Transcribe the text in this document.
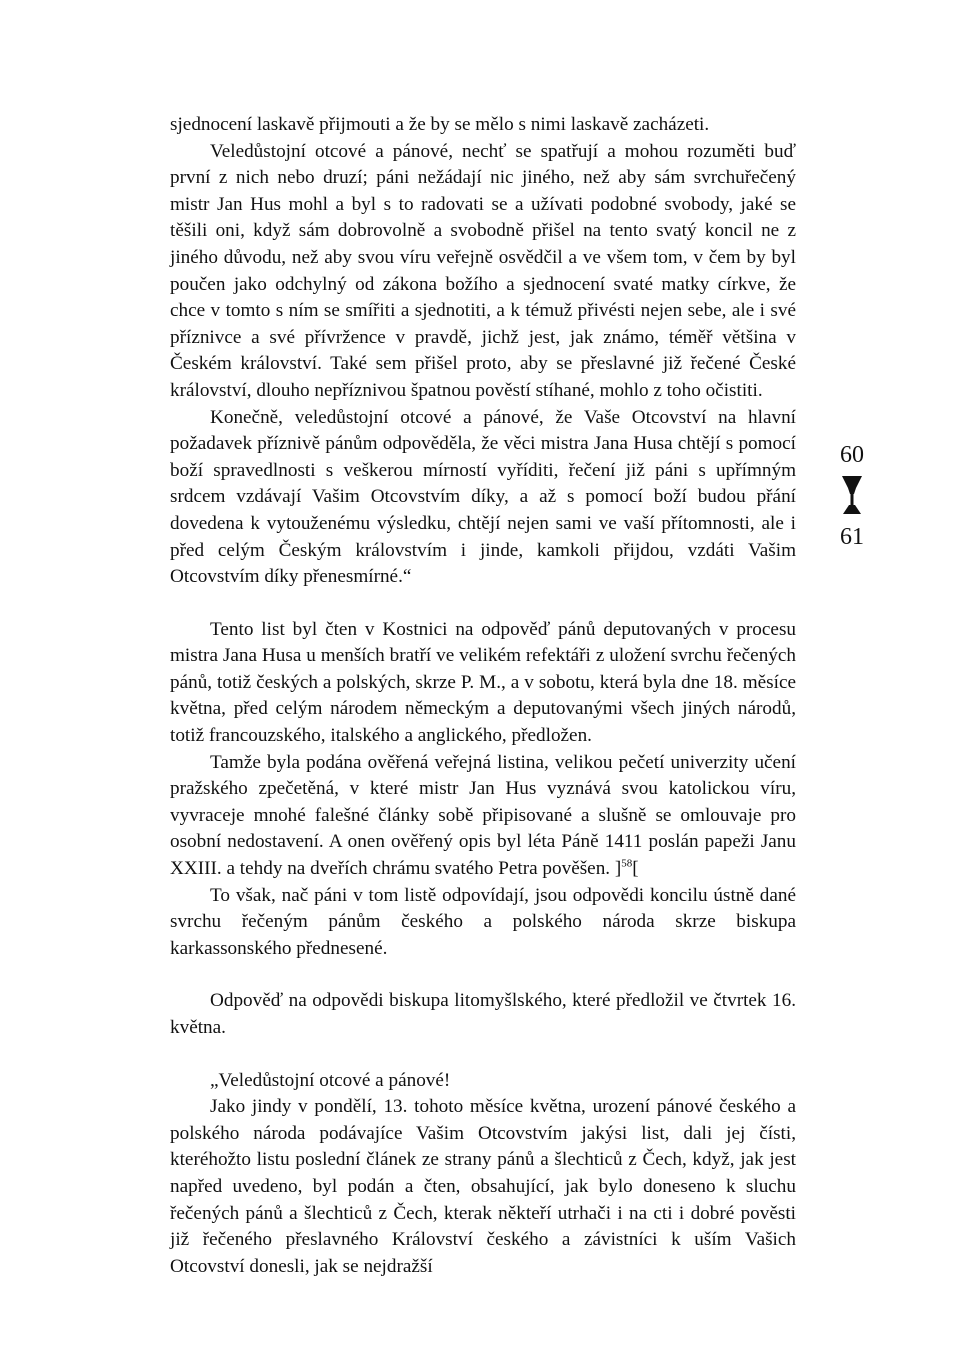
sjednocení laskavě přijmouti a že by se mělo s nimi laskavě zacházeti.

Veledůstojní otcové a pánové, nechť se spatřují a mohou rozuměti buď první z nich nebo druzí; páni nežádají nic jiného, než aby sám svrchuřečený mistr Jan Hus mohl a byl s to radovati se a užívati podobné svobody, jaké se těšili oni, když sám dobrovolně a svobodně přišel na tento svatý koncil ne z jiného důvodu, než aby svou víru veřejně osvědčil a ve všem tom, v čem by byl poučen jako odchylný od zákona božího a sjednocení svaté matky církve, že chce v tomto s ním se smířiti a sjednotiti, a k témuž přivésti nejen sebe, ale i své příznivce a své přívržence v pravdě, jichž jest, jak známo, téměř většina v Českém království. Také sem přišel proto, aby se přeslavné již řečené České království, dlouho nepříznivou špatnou pověstí stíhané, mohlo z toho očistiti.

Konečně, veledůstojní otcové a pánové, že Vaše Otcovství na hlavní požadavek příznivě pánům odpověděla, že věci mistra Jana Husa chtějí s pomocí boží spravedlnosti s veškerou mírností vyříditi, řečení již páni s upřímným srdcem vzdávají Vašim Otcovstvím díky, a až s pomocí boží budou přání dovedena k vytouženému výsledku, chtějí nejen sami ve vaší přítomnosti, ale i před celým Českým královstvím i jinde, kamkoli přijdou, vzdáti Vašim Otcovstvím díky přenesmírné.“

Tento list byl čten v Kostnici na odpověď pánů deputovaných v procesu mistra Jana Husa u menších bratří ve velikém refektáři z uložení svrchu řečených pánů, totiž českých a polských, skrze P. M., a v sobotu, která byla dne 18. měsíce května, před celým národem německým a deputovanými všech jiných národů, totiž francouzského, italského a anglického, předložen.

Tamže byla podána ověřená veřejná listina, velikou pečetí univerzity učení pražského zpečetěná, v které mistr Jan Hus vyznává svou katolickou víru, vyvraceje mnohé falešné články sobě připisované a slušně se omlouvaje pro osobní nedostavení. A onen ověřený opis byl léta Páně 1411 poslán papeži Janu XXIII. a tehdy na dveřích chrámu svatého Petra pověšen. ]$^{58}$[

To však, nač páni v tom listě odpovídají, jsou odpovědi koncilu ústně dané svrchu řečeným pánům českého a polského národa skrze biskupa karkassonského přednesené.

Odpověď na odpovědi biskupa litomyšlského, které předložil ve čtvrtek 16. května.

„Veledůstojní otcové a pánové!

Jako jindy v pondělí, 13. tohoto měsíce května, urození pánové českého a polského národa podávajíce Vašim Otcovstvím jakýsi list, dali jej čísti, kteréhožto listu poslední článek ze strany pánů a šlechticů z Čech, když, jak jest napřed uvedeno, byl podán a čten, obsahující, jak bylo doneseno k sluchu řečených pánů a šlechticů z Čech, kterak někteří utrhači i na cti i dobré pověsti již řečeného přeslavného Království českého a závistníci k uším Vašich Otcovství donesli, jak se nejdražší

60
61
